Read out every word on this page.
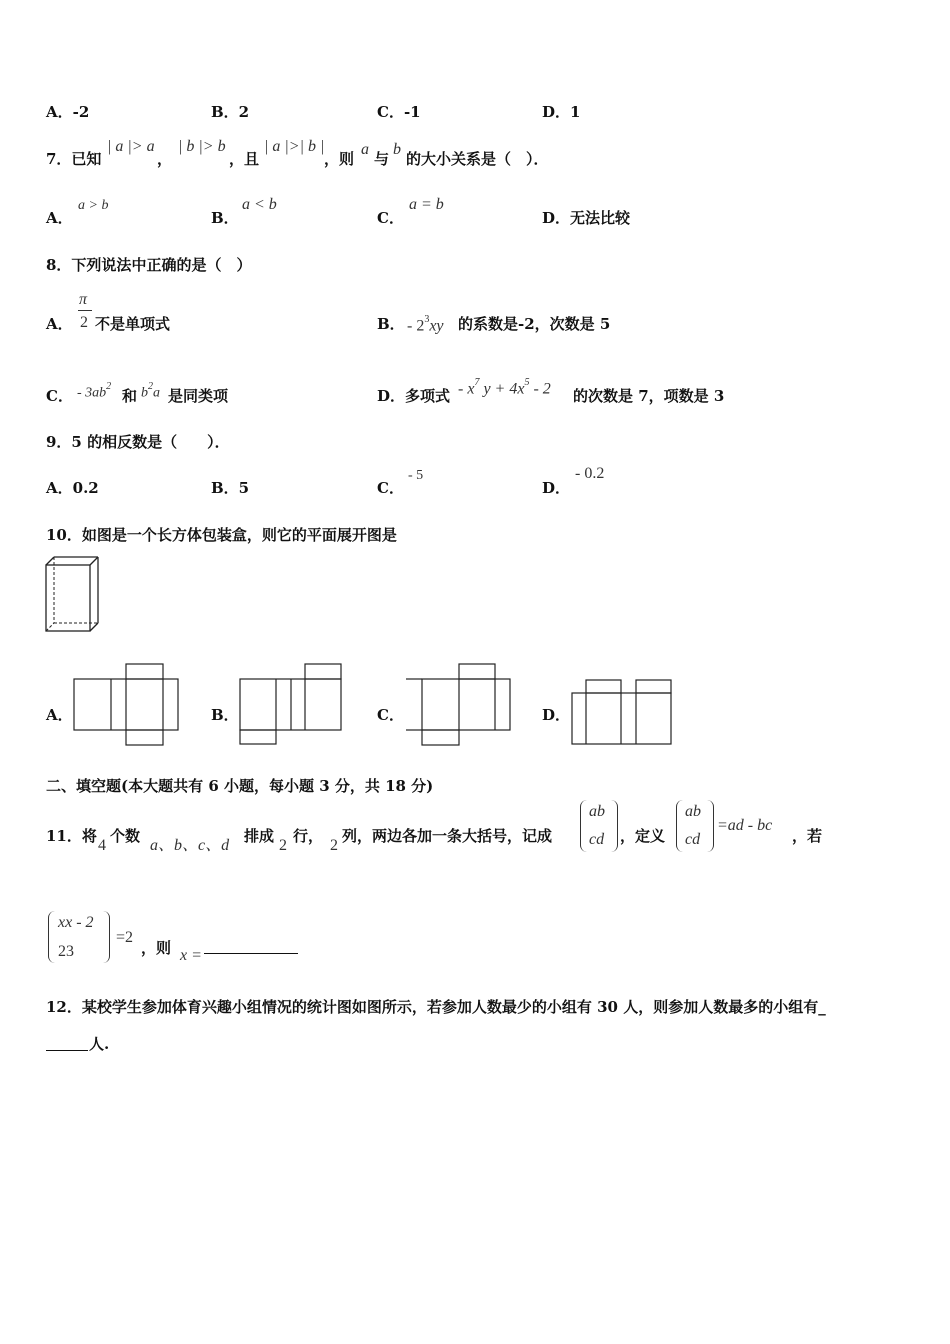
A．-2	B．2	C．-1	D．1
7．已知
| a |> a
，
| b |> b
，且
| a |>| b |
，则
a
与
b
的大小关系是（　）．
A．
a > b
B．
a < b
C．
a = b
D．无法比较
8．下列说法中正确的是（　）
A．
π
2 不是单项式	B． - $2^3xy$ 的系数是-2，次数是 5
C． - $3ab^2$
和 $b^2a$ 是同类项	D．多项式 - $x^7$ $y + 4x^5 - 2$ 的次数是 7，项数是 3
9．5 的相反数是（　　）．
A．0.2	B．5	C．
- 5
D．
- 0.2
10．如图是一个长方体包装盒，则它的平面展开图是
A．	B．	C．	D．
二、填空题(本大题共有 6 小题，每小题 3 分，共 18 分)
11．将
4
个数
a、b、c、d
排成
2
行，
2
列，两边各加一条大括号，记成
ab
cd ，定义
ab
cd
=ad - bc
，若
xx - 2
23
=2
，则 x =
12．某校学生参加体育兴趣小组情况的统计图如图所示，若参加人数最少的小组有 30 人，则参加人数最多的小组有_
人.
